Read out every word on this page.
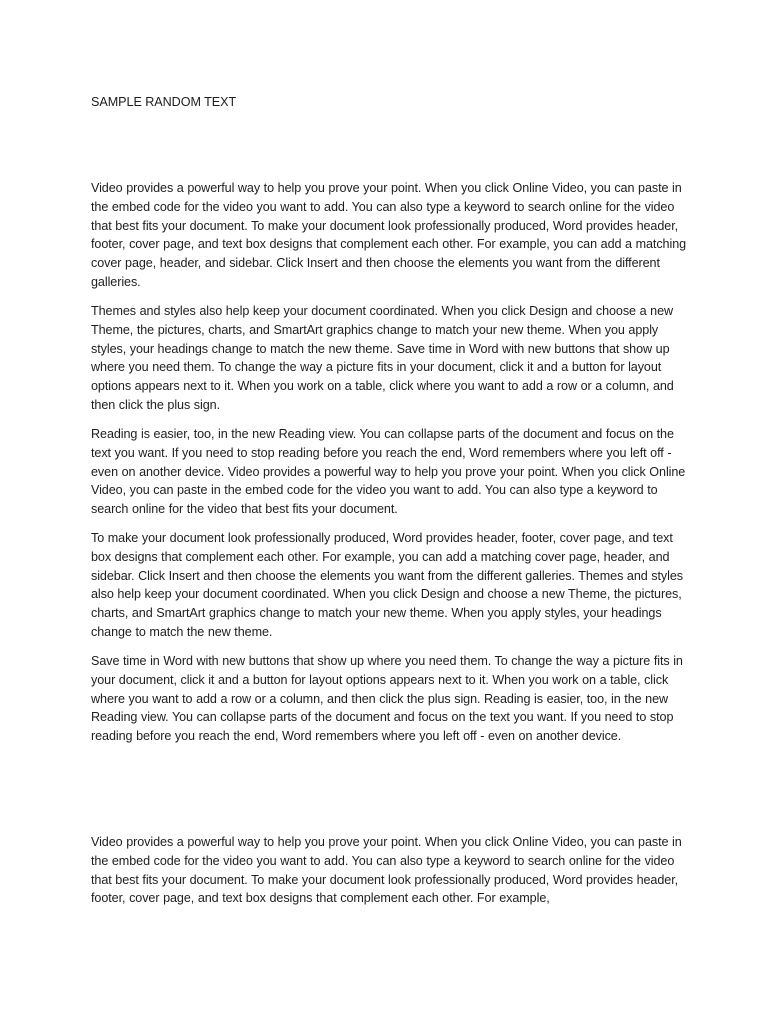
SAMPLE RANDOM TEXT

Video provides a powerful way to help you prove your point. When you click Online Video, you can paste in the embed code for the video you want to add. You can also type a keyword to search online for the video that best fits your document. To make your document look professionally produced, Word provides header, footer, cover page, and text box designs that complement each other. For example, you can add a matching cover page, header, and sidebar. Click Insert and then choose the elements you want from the different galleries.

Themes and styles also help keep your document coordinated. When you click Design and choose a new Theme, the pictures, charts, and SmartArt graphics change to match your new theme. When you apply styles, your headings change to match the new theme. Save time in Word with new buttons that show up where you need them. To change the way a picture fits in your document, click it and a button for layout options appears next to it. When you work on a table, click where you want to add a row or a column, and then click the plus sign.

Reading is easier, too, in the new Reading view. You can collapse parts of the document and focus on the text you want. If you need to stop reading before you reach the end, Word remembers where you left off - even on another device. Video provides a powerful way to help you prove your point. When you click Online Video, you can paste in the embed code for the video you want to add. You can also type a keyword to search online for the video that best fits your document.

To make your document look professionally produced, Word provides header, footer, cover page, and text box designs that complement each other. For example, you can add a matching cover page, header, and sidebar. Click Insert and then choose the elements you want from the different galleries. Themes and styles also help keep your document coordinated. When you click Design and choose a new Theme, the pictures, charts, and SmartArt graphics change to match your new theme. When you apply styles, your headings change to match the new theme.

Save time in Word with new buttons that show up where you need them. To change the way a picture fits in your document, click it and a button for layout options appears next to it. When you work on a table, click where you want to add a row or a column, and then click the plus sign. Reading is easier, too, in the new Reading view. You can collapse parts of the document and focus on the text you want. If you need to stop reading before you reach the end, Word remembers where you left off - even on another device.

Video provides a powerful way to help you prove your point. When you click Online Video, you can paste in the embed code for the video you want to add. You can also type a keyword to search online for the video that best fits your document. To make your document look professionally produced, Word provides header, footer, cover page, and text box designs that complement each other. For example,
